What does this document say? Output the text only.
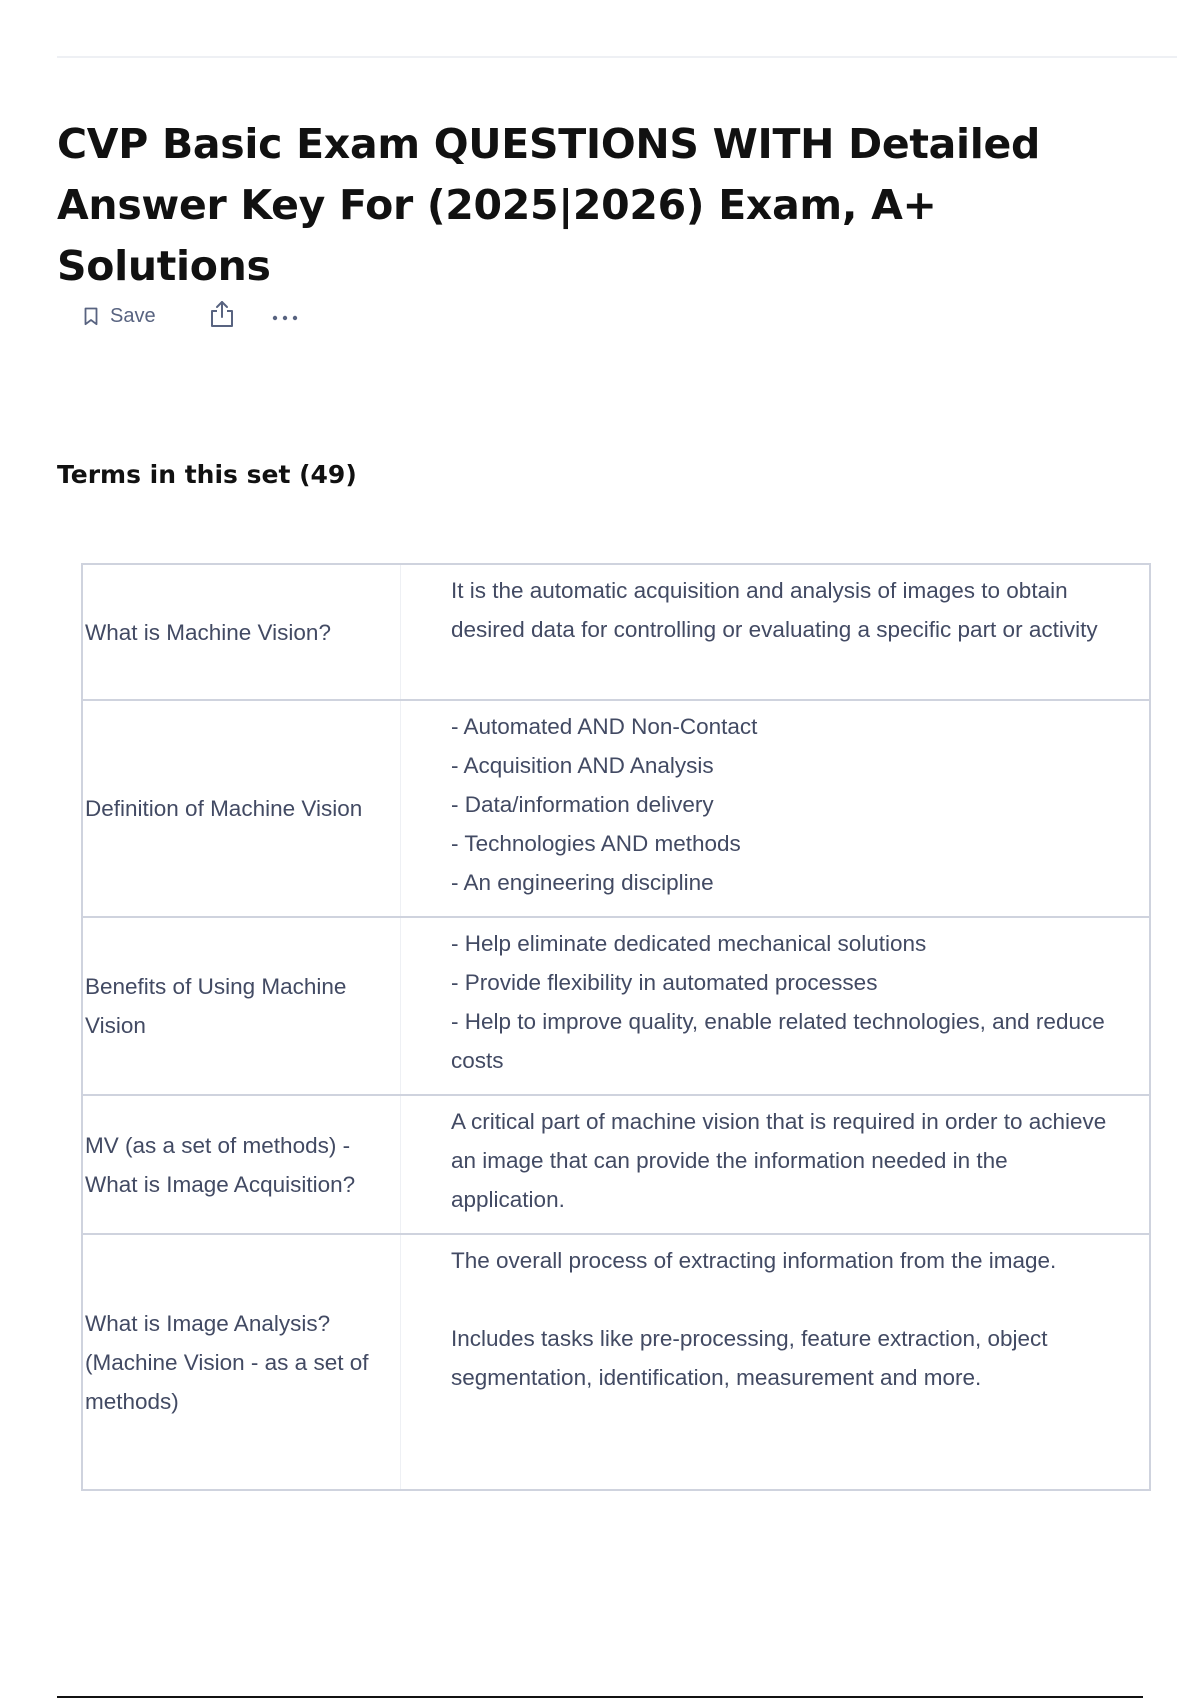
CVP Basic Exam QUESTIONS WITH Detailed Answer Key For (2025|2026) Exam, A+ Solutions
Save
Terms in this set (49)
What is Machine Vision?
It is the automatic acquisition and analysis of images to obtain desired data for controlling or evaluating a specific part or activity
Definition of Machine Vision
- Automated AND Non-Contact
- Acquisition AND Analysis
- Data/information delivery
- Technologies AND methods
- An engineering discipline
Benefits of Using Machine Vision
- Help eliminate dedicated mechanical solutions
- Provide flexibility in automated processes
- Help to improve quality, enable related technologies, and reduce costs
MV (as a set of methods) - What is Image Acquisition?
A critical part of machine vision that is required in order to achieve an image that can provide the information needed in the application.
What is Image Analysis? (Machine Vision - as a set of methods)
The overall process of extracting information from the image.

Includes tasks like pre-processing, feature extraction, object segmentation, identification, measurement and more.
